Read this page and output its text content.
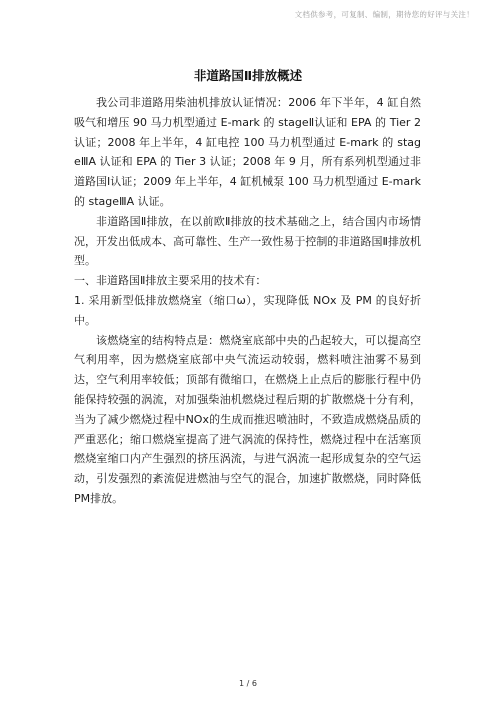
文档供参考，可复制、编制，期待您的好评与关注！
非道路国Ⅱ排放概述

我公司非道路用柴油机排放认证情况：2006 年下半年，4 缸自然吸气和增压 90 马力机型通过 E-mark 的 stageⅡ认证和 EPA 的 Tier 2 认证；2008 年上半年，4 缸电控 100 马力机型通过 E-mark 的 stageⅢA 认证和 EPA 的 Tier 3 认证；2008 年 9 月，所有系列机型通过非道路国Ⅰ认证；2009 年上半年，4 缸机械泵 100 马力机型通过 E-mark 的 stageⅢA 认证。

非道路国Ⅱ排放，在以前欧Ⅱ排放的技术基础之上，结合国内市场情况，开发出低成本、高可靠性、生产一致性易于控制的非道路国Ⅱ排放机型。

一、非道路国Ⅱ排放主要采用的技术有：

1. 采用新型低排放燃烧室（缩口ω），实现降低 NOx 及 PM 的良好折中。

该燃烧室的结构特点是：燃烧室底部中央的凸起较大，可以提高空气利用率，因为燃烧室底部中央气流运动较弱，燃料喷注油雾不易到达，空气利用率较低；顶部有微缩口，在燃烧上止点后的膨胀行程中仍能保持较强的涡流，对加强柴油机燃烧过程后期的扩散燃烧十分有利，当为了减少燃烧过程中NOx的生成而推迟喷油时，不致造成燃烧品质的严重恶化；缩口燃烧室提高了进气涡流的保持性，燃烧过程中在活塞顶燃烧室缩口内产生强烈的挤压涡流，与进气涡流一起形成复杂的空气运动，引发强烈的紊流促进燃油与空气的混合，加速扩散燃烧，同时降低PM排放。

1 / 6
